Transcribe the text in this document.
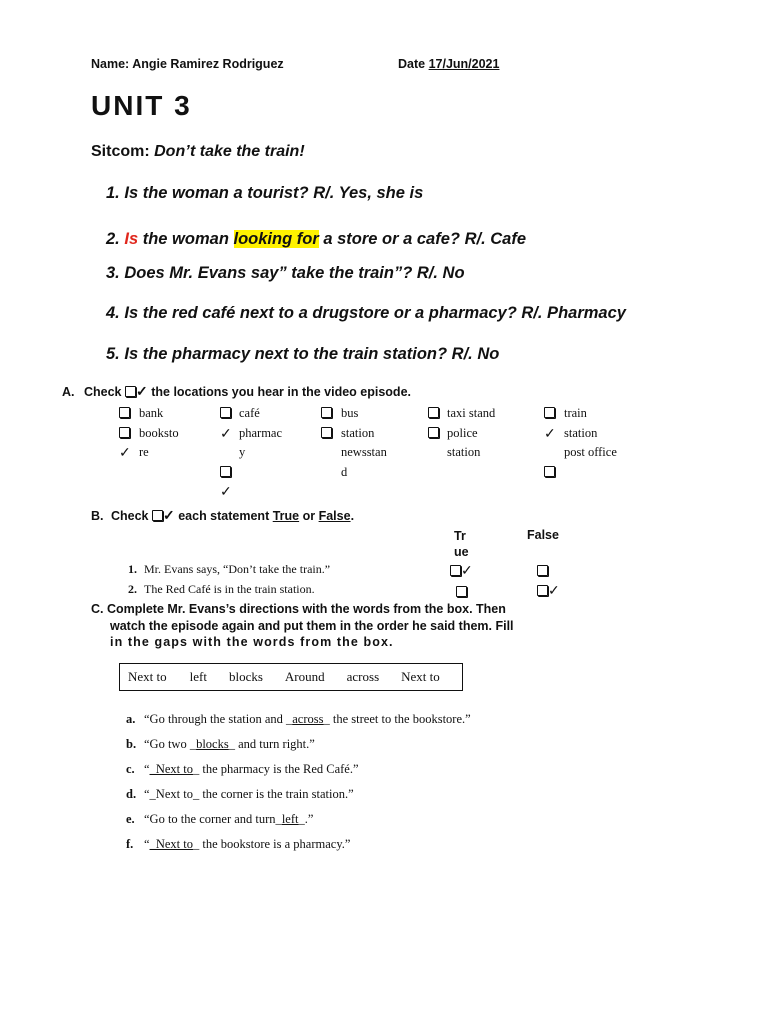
Name: Angie Ramirez Rodriguez	Date 17/Jun/2021
UNIT 3
Sitcom: Don’t take the train!
1. Is the woman a tourist? R/. Yes, she is
2. Is the woman looking for a store or a cafe? R/. Cafe
3. Does Mr. Evans say” take the train”? R/. No
4. Is the red café next to a drugstore or a pharmacy? R/. Pharmacy
5. Is the pharmacy next to the train station? R/. No
A. Check ✓ the locations you hear in the video episode.
✓
bank
booksto
re
✓
✓
café
pharmac
y
bus
station
newsstan
d
taxi stand
police
station
✓
train
station
post office
B. Check ✓ each statement True or False.
Tr
ue
False
1. Mr. Evans says, “Don’t take the train.”
2. The Red Café is in the train station.
✓
✓
C. Complete Mr. Evans’s directions with the words from the box. Then
watch the episode again and put them in the order he said them. Fill
in the gaps with the words from the box.
Next to left blocks Around across Next to
a. “Go through the station and _across_ the street to the bookstore.”
b. “Go two _blocks_ and turn right.”
c. “_Next to_ the pharmacy is the Red Café.”
d. “_Next to_ the corner is the train station.”
e. “Go to the corner and turn_left_.”
f. “_Next to_ the bookstore is a pharmacy.”
